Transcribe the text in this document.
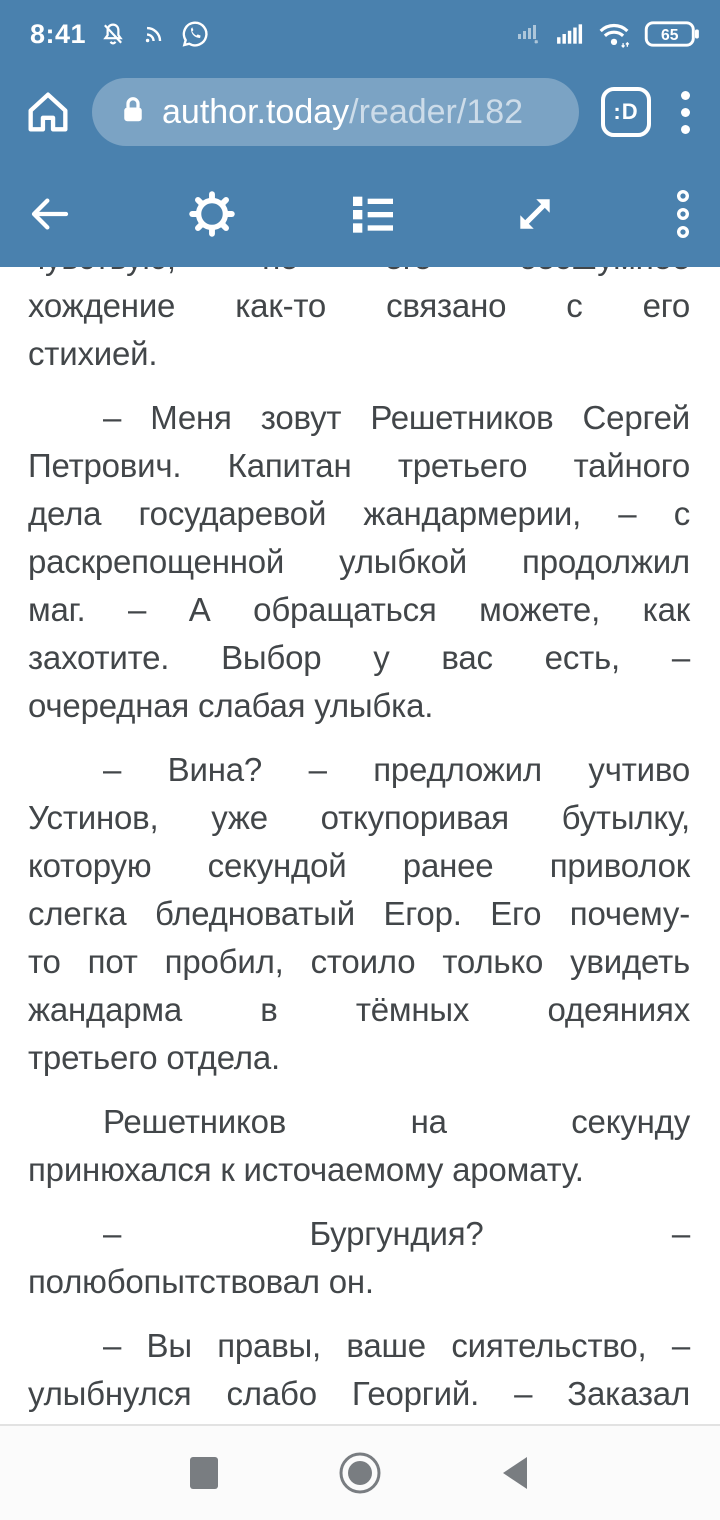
8:41	65
author.today/reader/182	:D
хождение как-то связано с его
стихией.
– Меня зовут Решетников Сергей
Петрович. Капитан третьего тайного
дела государевой жандармерии, – с
раскрепощенной улыбкой продолжил
маг. – А обращаться можете, как
захотите. Выбор у вас есть, –
очередная слабая улыбка.
– Вина? – предложил учтиво
Устинов, уже откупоривая бутылку,
которую секундой ранее приволок
слегка бледноватый Егор. Его почему-
то пот пробил, стоило только увидеть
жандарма в тёмных одеяниях
третьего отдела.
Решетников на секунду
принюхался к источаемому аромату.
– Бургундия? –
полюбопытствовал он.
– Вы правы, ваше сиятельство, –
улыбнулся слабо Георгий. – Заказал
